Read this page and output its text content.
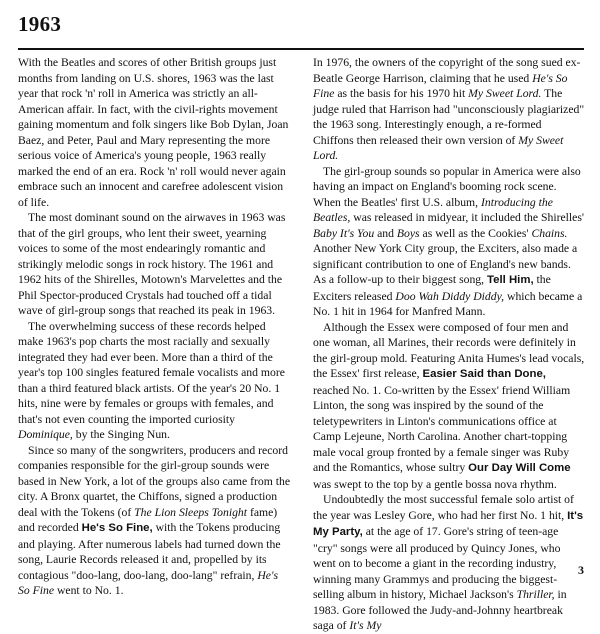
1963

With the Beatles and scores of other British groups just months from landing on U.S. shores, 1963 was the last year that rock 'n' roll in America was strictly an all-American affair. In fact, with the civil-rights movement gaining momentum and folk singers like Bob Dylan, Joan Baez, and Peter, Paul and Mary representing the more serious voice of America's young people, 1963 really marked the end of an era. Rock 'n' roll would never again embrace such an innocent and carefree adolescent vision of life.

The most dominant sound on the airwaves in 1963 was that of the girl groups, who lent their sweet, yearning voices to some of the most endearingly romantic and strikingly melodic songs in rock history. The 1961 and 1962 hits of the Shirelles, Motown's Marvelettes and the Phil Spector-produced Crystals had touched off a tidal wave of girl-group songs that reached its peak in 1963.

The overwhelming success of these records helped make 1963's pop charts the most racially and sexually integrated they had ever been. More than a third of the year's top 100 singles featured female vocalists and more than a third featured black artists. Of the year's 20 No. 1 hits, nine were by females or groups with females, and that's not even counting the imported curiosity Dominique, by the Singing Nun.

Since so many of the songwriters, producers and record companies responsible for the girl-group sounds were based in New York, a lot of the groups also came from the city. A Bronx quartet, the Chiffons, signed a production deal with the Tokens (of The Lion Sleeps Tonight fame) and recorded He's So Fine, with the Tokens producing and playing. After numerous labels had turned down the song, Laurie Records released it and, propelled by its contagious "doo-lang, doo-lang, doo-lang" refrain, He's So Fine went to No. 1.

In 1976, the owners of the copyright of the song sued ex-Beatle George Harrison, claiming that he used He's So Fine as the basis for his 1970 hit My Sweet Lord. The judge ruled that Harrison had "unconsciously plagiarized" the 1963 song. Interestingly enough, a re-formed Chiffons then released their own version of My Sweet Lord.

The girl-group sounds so popular in America were also having an impact on England's booming rock scene. When the Beatles' first U.S. album, Introducing the Beatles, was released in midyear, it included the Shirelles' Baby It's You and Boys as well as the Cookies' Chains. Another New York City group, the Exciters, also made a significant contribution to one of England's new bands. As a follow-up to their biggest song, Tell Him, the Exciters released Doo Wah Diddy Diddy, which became a No. 1 hit in 1964 for Manfred Mann.

Although the Essex were composed of four men and one woman, all Marines, their records were definitely in the girl-group mold. Featuring Anita Humes's lead vocals, the Essex' first release, Easier Said than Done, reached No. 1. Co-written by the Essex' friend William Linton, the song was inspired by the sound of the teletypewriters in Linton's communications office at Camp Lejeune, North Carolina. Another chart-topping male vocal group fronted by a female singer was Ruby and the Romantics, whose sultry Our Day Will Come was swept to the top by a gentle bossa nova rhythm.

Undoubtedly the most successful female solo artist of the year was Lesley Gore, who had her first No. 1 hit, It's My Party, at the age of 17. Gore's string of teen-age "cry" songs were all produced by Quincy Jones, who went on to become a giant in the recording industry, winning many Grammys and producing the biggest-selling album in history, Michael Jackson's Thriller, in 1983. Gore followed the Judy-and-Johnny heartbreak saga of It's My

3
